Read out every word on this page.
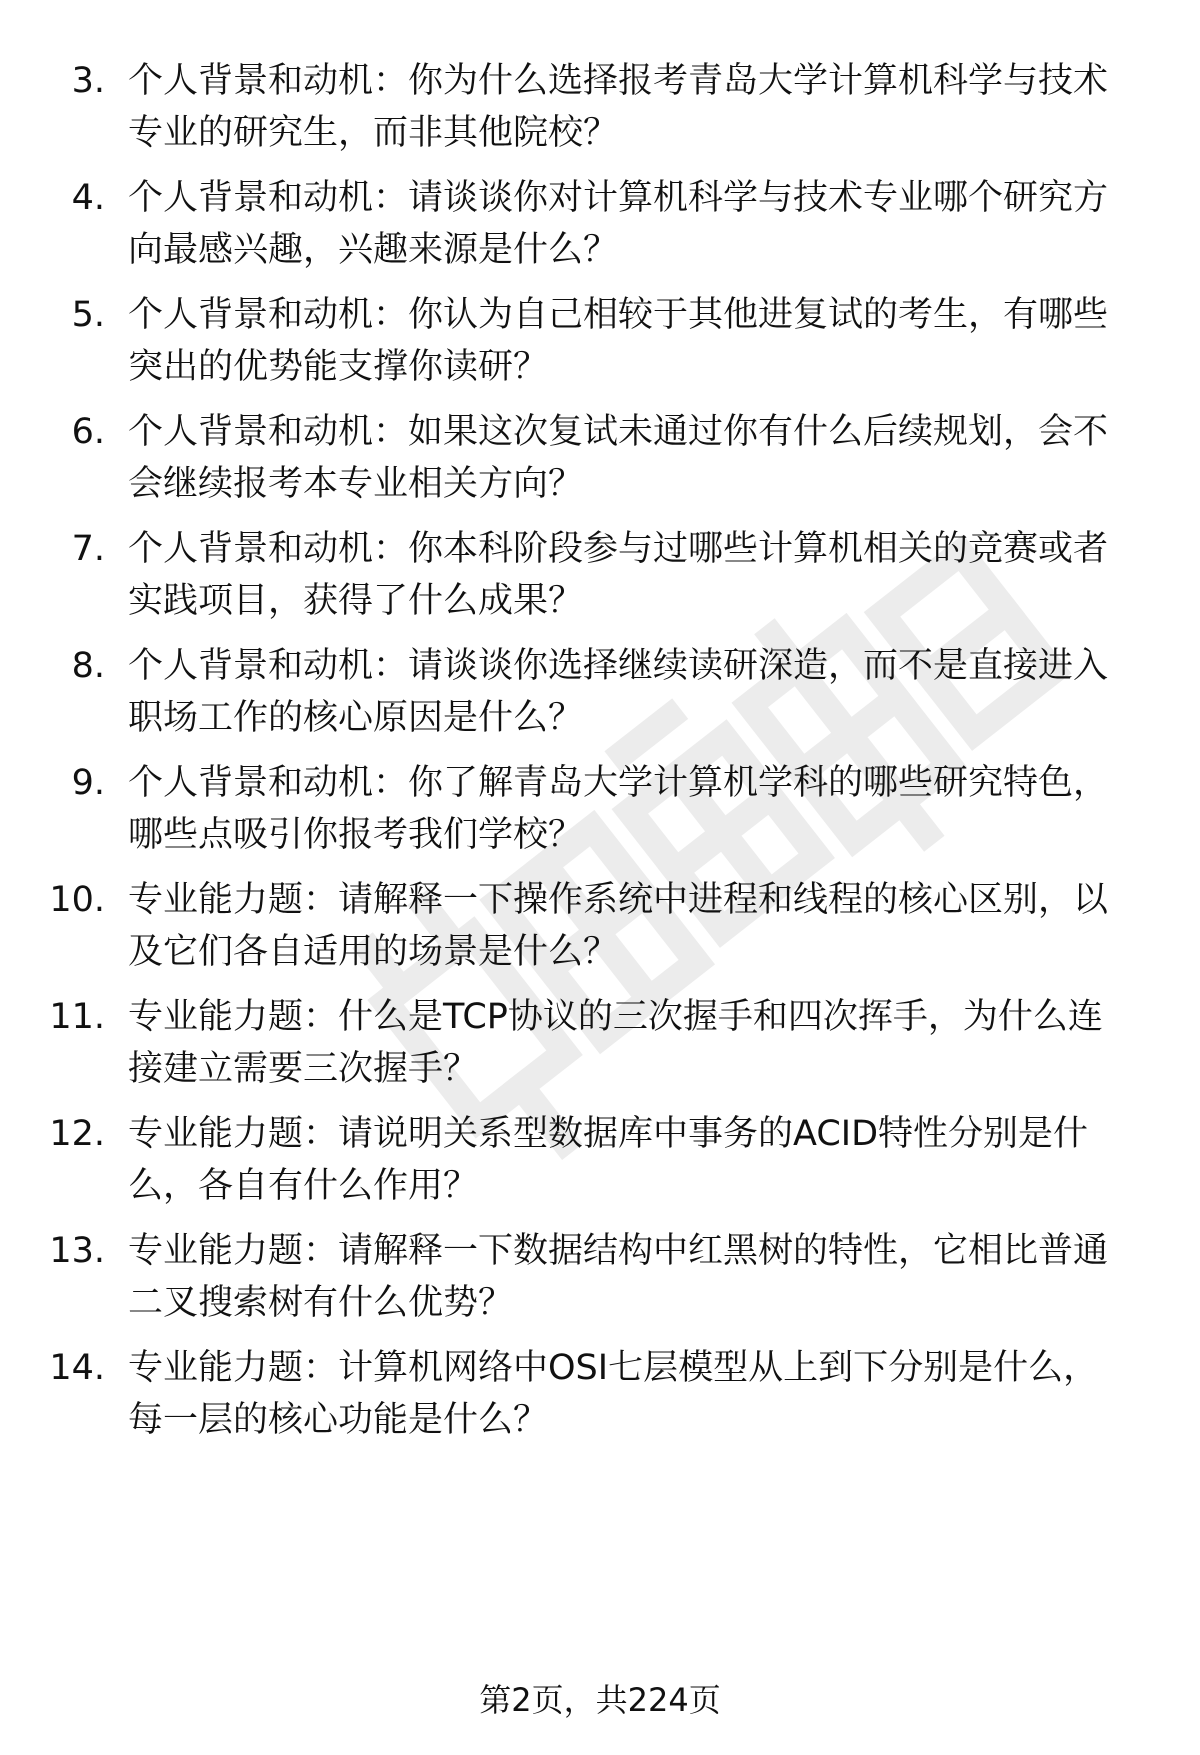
3. 个人背景和动机：你为什么选择报考青岛大学计算机科学与技术专业的研究生，而非其他院校？
4. 个人背景和动机：请谈谈你对计算机科学与技术专业哪个研究方向最感兴趣，兴趣来源是什么？
5. 个人背景和动机：你认为自己相较于其他进复试的考生，有哪些突出的优势能支撑你读研？
6. 个人背景和动机：如果这次复试未通过你有什么后续规划，会不会继续报考本专业相关方向？
7. 个人背景和动机：你本科阶段参与过哪些计算机相关的竞赛或者实践项目，获得了什么成果？
8. 个人背景和动机：请谈谈你选择继续读研深造，而不是直接进入职场工作的核心原因是什么？
9. 个人背景和动机：你了解青岛大学计算机学科的哪些研究特色，哪些点吸引你报考我们学校？
10. 专业能力题：请解释一下操作系统中进程和线程的核心区别，以及它们各自适用的场景是什么？
11. 专业能力题：什么是TCP协议的三次握手和四次挥手，为什么连接建立需要三次握手？
12. 专业能力题：请说明关系型数据库中事务的ACID特性分别是什么，各自有什么作用？
13. 专业能力题：请解释一下数据结构中红黑树的特性，它相比普通二叉搜索树有什么优势？
14. 专业能力题：计算机网络中OSI七层模型从上到下分别是什么，每一层的核心功能是什么？
第2页，共224页
